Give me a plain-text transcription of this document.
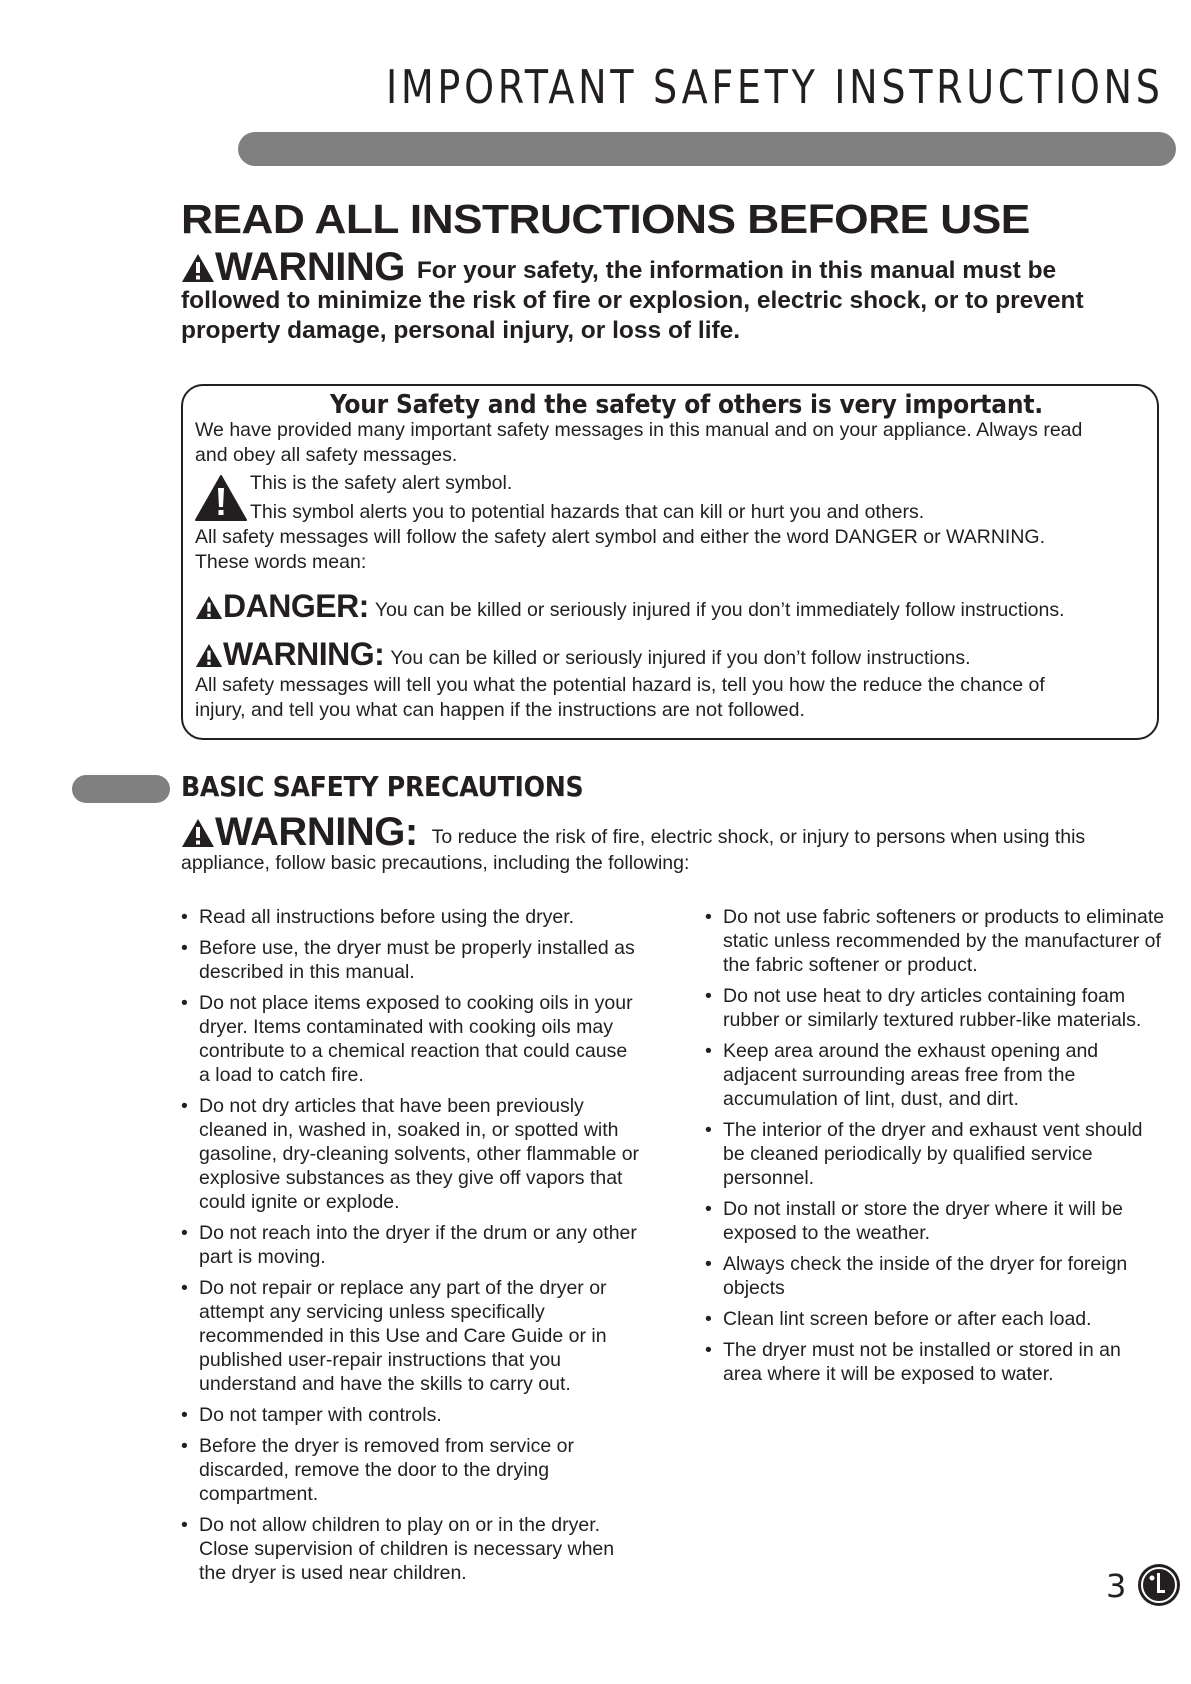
IMPORTANT SAFETY INSTRUCTIONS
READ ALL INSTRUCTIONS BEFORE USE
WARNING For your safety, the information in this manual must be
followed to minimize the risk of fire or explosion, electric shock, or to prevent
property damage, personal injury, or loss of life.
Your Safety and the safety of others is very important.
We have provided many important safety messages in this manual and on your appliance. Always read
and obey all safety messages.
This is the safety alert symbol.
This symbol alerts you to potential hazards that can kill or hurt you and others.
All safety messages will follow the safety alert symbol and either the word DANGER or WARNING.
These words mean:
DANGER: You can be killed or seriously injured if you don’t immediately follow instructions.
WARNING: You can be killed or seriously injured if you don’t follow instructions.
All safety messages will tell you what the potential hazard is, tell you how the reduce the chance of
injury, and tell you what can happen if the instructions are not followed.
BASIC SAFETY PRECAUTIONS
WARNING: To reduce the risk of fire, electric shock, or injury to persons when using this
appliance, follow basic precautions, including the following:
• Read all instructions before using the dryer.
• Before use, the dryer must be properly installed as described in this manual.
• Do not place items exposed to cooking oils in your dryer. Items contaminated with cooking oils may contribute to a chemical reaction that could cause a load to catch fire.
• Do not dry articles that have been previously cleaned in, washed in, soaked in, or spotted with gasoline, dry-cleaning solvents, other flammable or explosive substances as they give off vapors that could ignite or explode.
• Do not reach into the dryer if the drum or any other part is moving.
• Do not repair or replace any part of the dryer or attempt any servicing unless specifically recommended in this Use and Care Guide or in published user-repair instructions that you understand and have the skills to carry out.
• Do not tamper with controls.
• Before the dryer is removed from service or discarded, remove the door to the drying compartment.
• Do not allow children to play on or in the dryer. Close supervision of children is necessary when the dryer is used near children.
• Do not use fabric softeners or products to eliminate static unless recommended by the manufacturer of the fabric softener or product.
• Do not use heat to dry articles containing foam rubber or similarly textured rubber-like materials.
• Keep area around the exhaust opening and adjacent surrounding areas free from the accumulation of lint, dust, and dirt.
• The interior of the dryer and exhaust vent should be cleaned periodically by qualified service personnel.
• Do not install or store the dryer where it will be exposed to the weather.
• Always check the inside of the dryer for foreign objects
• Clean lint screen before or after each load.
• The dryer must not be installed or stored in an area where it will be exposed to water.
3
LG
